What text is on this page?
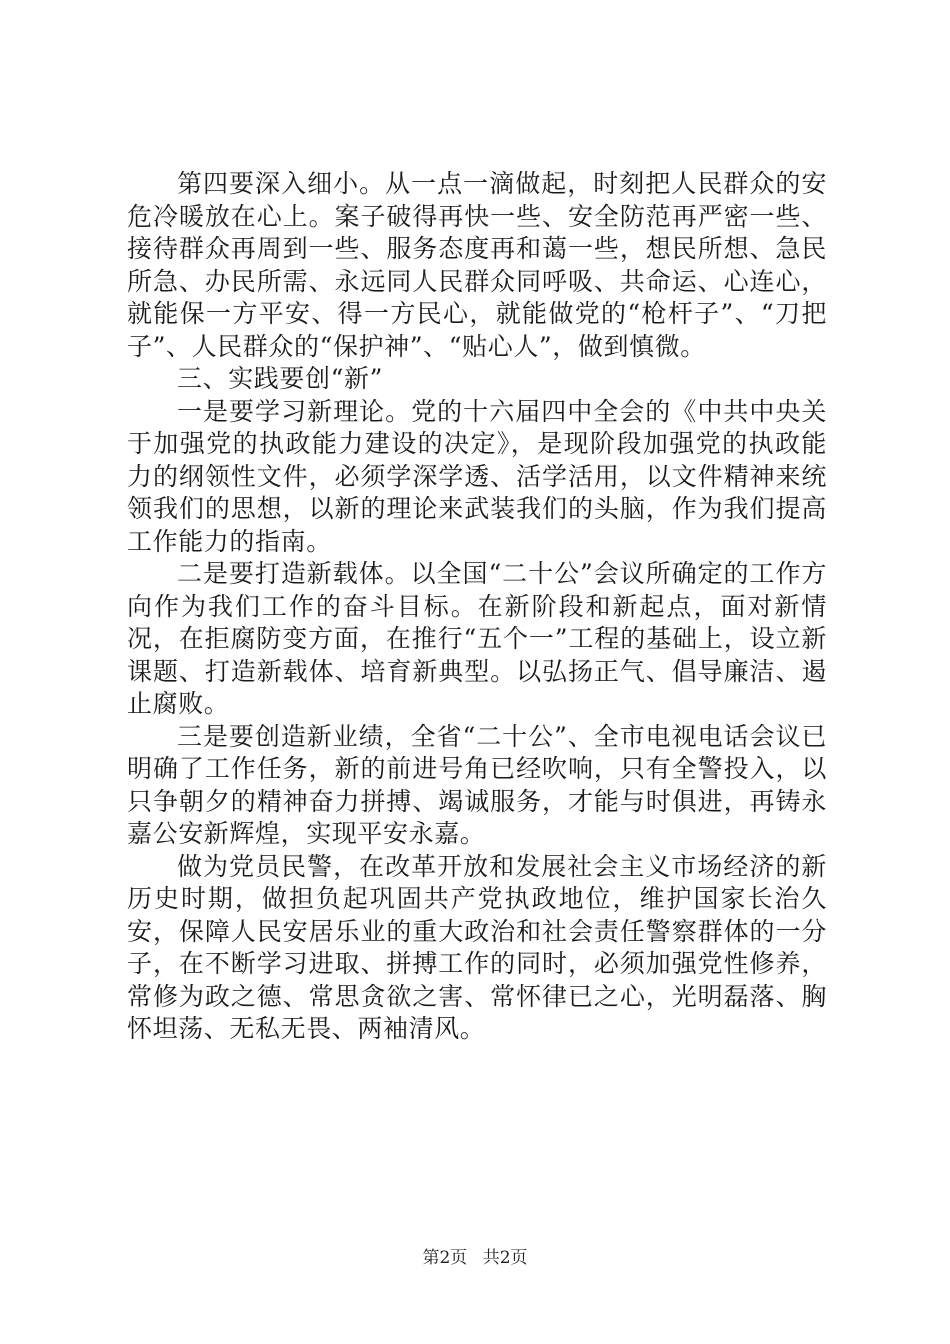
第四要深入细小。从一点一滴做起，时刻把人民群众的安危冷暖放在心上。案子破得再快一些、安全防范再严密一些、接待群众再周到一些、服务态度再和蔼一些，想民所想、急民所急、办民所需、永远同人民群众同呼吸、共命运、心连心，就能保一方平安、得一方民心，就能做党的“枪杆子”、“刀把子”、人民群众的“保护神”、“贴心人”，做到慎微。

三、实践要创“新”

一是要学习新理论。党的十六届四中全会的《中共中央关于加强党的执政能力建设的决定》，是现阶段加强党的执政能力的纲领性文件，必须学深学透、活学活用，以文件精神来统领我们的思想，以新的理论来武装我们的头脑，作为我们提高工作能力的指南。

二是要打造新载体。以全国“二十公”会议所确定的工作方向作为我们工作的奋斗目标。在新阶段和新起点，面对新情况，在拒腐防变方面，在推行“五个一”工程的基础上，设立新课题、打造新载体、培育新典型。以弘扬正气、倡导廉洁、遏止腐败。

三是要创造新业绩，全省“二十公”、全市电视电话会议已明确了工作任务，新的前进号角已经吹响，只有全警投入，以只争朝夕的精神奋力拼搏、竭诚服务，才能与时俱进，再铸永嘉公安新辉煌，实现平安永嘉。

做为党员民警，在改革开放和发展社会主义市场经济的新历史时期，做担负起巩固共产党执政地位，维护国家长治久安，保障人民安居乐业的重大政治和社会责任警察群体的一分子，在不断学习进取、拼搏工作的同时，必须加强党性修养，常修为政之德、常思贪欲之害、常怀律已之心，光明磊落、胸怀坦荡、无私无畏、两袖清风。

第2页 共2页
